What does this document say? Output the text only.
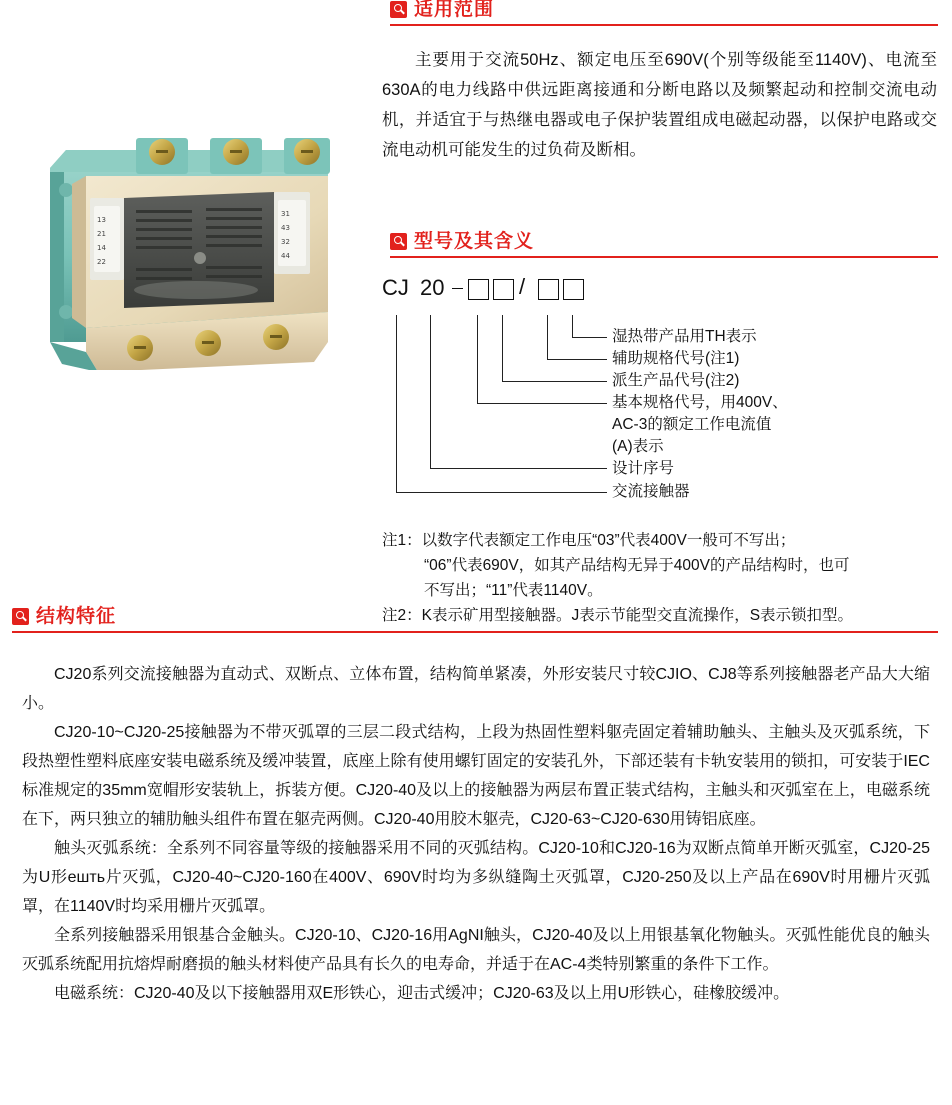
适用范围
13
21
14
22
31
43
32
44
主要用于交流50Hz、额定电压至690V(个别等级能至1140V)、电流至630A的电力线路中供远距离接通和分断电路以及频繁起动和控制交流电动机，并适宜于与热继电器或电子保护装置组成电磁起动器，以保护电路或交流电动机可能发生的过负荷及断相。
型号及其含义
CJ 20	/
湿热带产品用TH表示
辅助规格代号(注1)
派生产品代号(注2)
基本规格代号，用400V、
AC-3的额定工作电流值
(A)表示
设计序号
交流接触器
注1：以数字代表额定工作电压“03”代表400V一般可不写出；
“06”代表690V，如其产品结构无异于400V的产品结构时，也可
不写出；“11”代表1140V。
注2：K表示矿用型接触器。J表示节能型交直流操作，S表示锁扣型。
结构特征

CJ20系列交流接触器为直动式、双断点、立体布置，结构简单紧凑，外形安装尺寸较CJIO、CJ8等系列接触器老产品大大缩小。

CJ20-10~CJ20-25接触器为不带灭弧罩的三层二段式结构，上段为热固性塑料躯壳固定着辅助触头、主触头及灭弧系统，下段热塑性塑料底座安装电磁系统及缓冲装置，底座上除有使用螺钉固定的安装孔外，下部还装有卡轨安装用的锁扣，可安装于IEC标准规定的35mm宽帽形安装轨上，拆装方便。CJ20-40及以上的接触器为两层布置正装式结构，主触头和灭弧室在上，电磁系统在下，两只独立的辅肋触头组件布置在躯壳两侧。CJ20-40用胶木躯壳，CJ20-63~CJ20-630用铸铝底座。

触头灭弧系统：全系列不同容量等级的接触器采用不同的灭弧结构。CJ20-10和CJ20-16为双断点简单开断灭弧室，CJ20-25为U形ешть片灭弧，CJ20-40~CJ20-160在400V、690V时均为多纵缝陶土灭弧罩，CJ20-250及以上产品在690V时用栅片灭弧罩，在1140V时均采用栅片灭弧罩。

全系列接触器采用银基合金触头。CJ20-10、CJ20-16用AgNI触头，CJ20-40及以上用银基氧化物触头。灭弧性能优良的触头灭弧系统配用抗熔焊耐磨损的触头材料使产品具有长久的电寿命，并适于在AC-4类特别繁重的条件下工作。

电磁系统：CJ20-40及以下接触器用双E形铁心，迎击式缓冲；CJ20-63及以上用U形铁心，硅橡胶缓冲。
